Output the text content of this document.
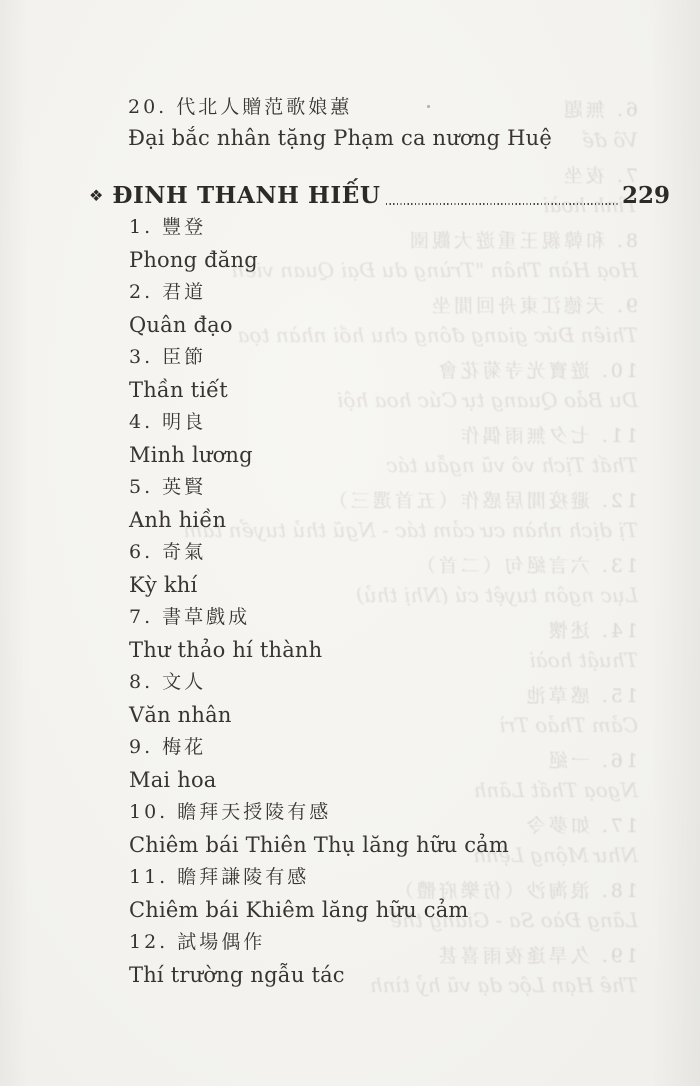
6. 無題
Vô đề
7. 夜坐
Tình hoài
8. 和韓親王重遊大觀園
Hoạ Hàn Thân "Trùng du Đại Quan viên"
9. 天德江東舟回閒坐
Thiên Đức giang đông chu hồi nhàn tọa
10. 遊寶光寺菊花會
Du Bảo Quang tự Cúc hoa hội
11. 七夕無雨偶作
Thất Tịch vô vũ ngẫu tác
12. 避疫閒居感作（五首選三）
Tị dịch nhàn cư cảm tác - Ngũ thủ tuyển tam
13. 六言絕句（二首）
Lục ngôn tuyệt cú (Nhị thủ)
14. 述懷
Thuật hoài
15. 感草池
Cảm Thảo Trì
16. 一絕
Ngoạ Thất Lãnh
17. 如夢令
Như Mộng Lệnh
18. 浪淘沙（仿樂府體）
Lãng Đào Sa - Giang thể
19. 久旱逢夜雨喜甚
Thê Hạn Lộc dạ vũ hỷ tình
20. 代北人贈范歌娘蕙
Đại bắc nhân tặng Phạm ca nương Huệ
❖ ĐINH THANH HIẾU	229
1. 豐登
Phong đăng
2. 君道
Quân đạo
3. 臣節
Thần tiết
4. 明良
Minh lương
5. 英賢
Anh hiền
6. 奇氣
Kỳ khí
7. 書草戲成
Thư thảo hí thành
8. 文人
Văn nhân
9. 梅花
Mai hoa
10. 瞻拜天授陵有感
Chiêm bái Thiên Thụ lăng hữu cảm
11. 瞻拜謙陵有感
Chiêm bái Khiêm lăng hữu cảm
12. 試場偶作
Thí trường ngẫu tác
